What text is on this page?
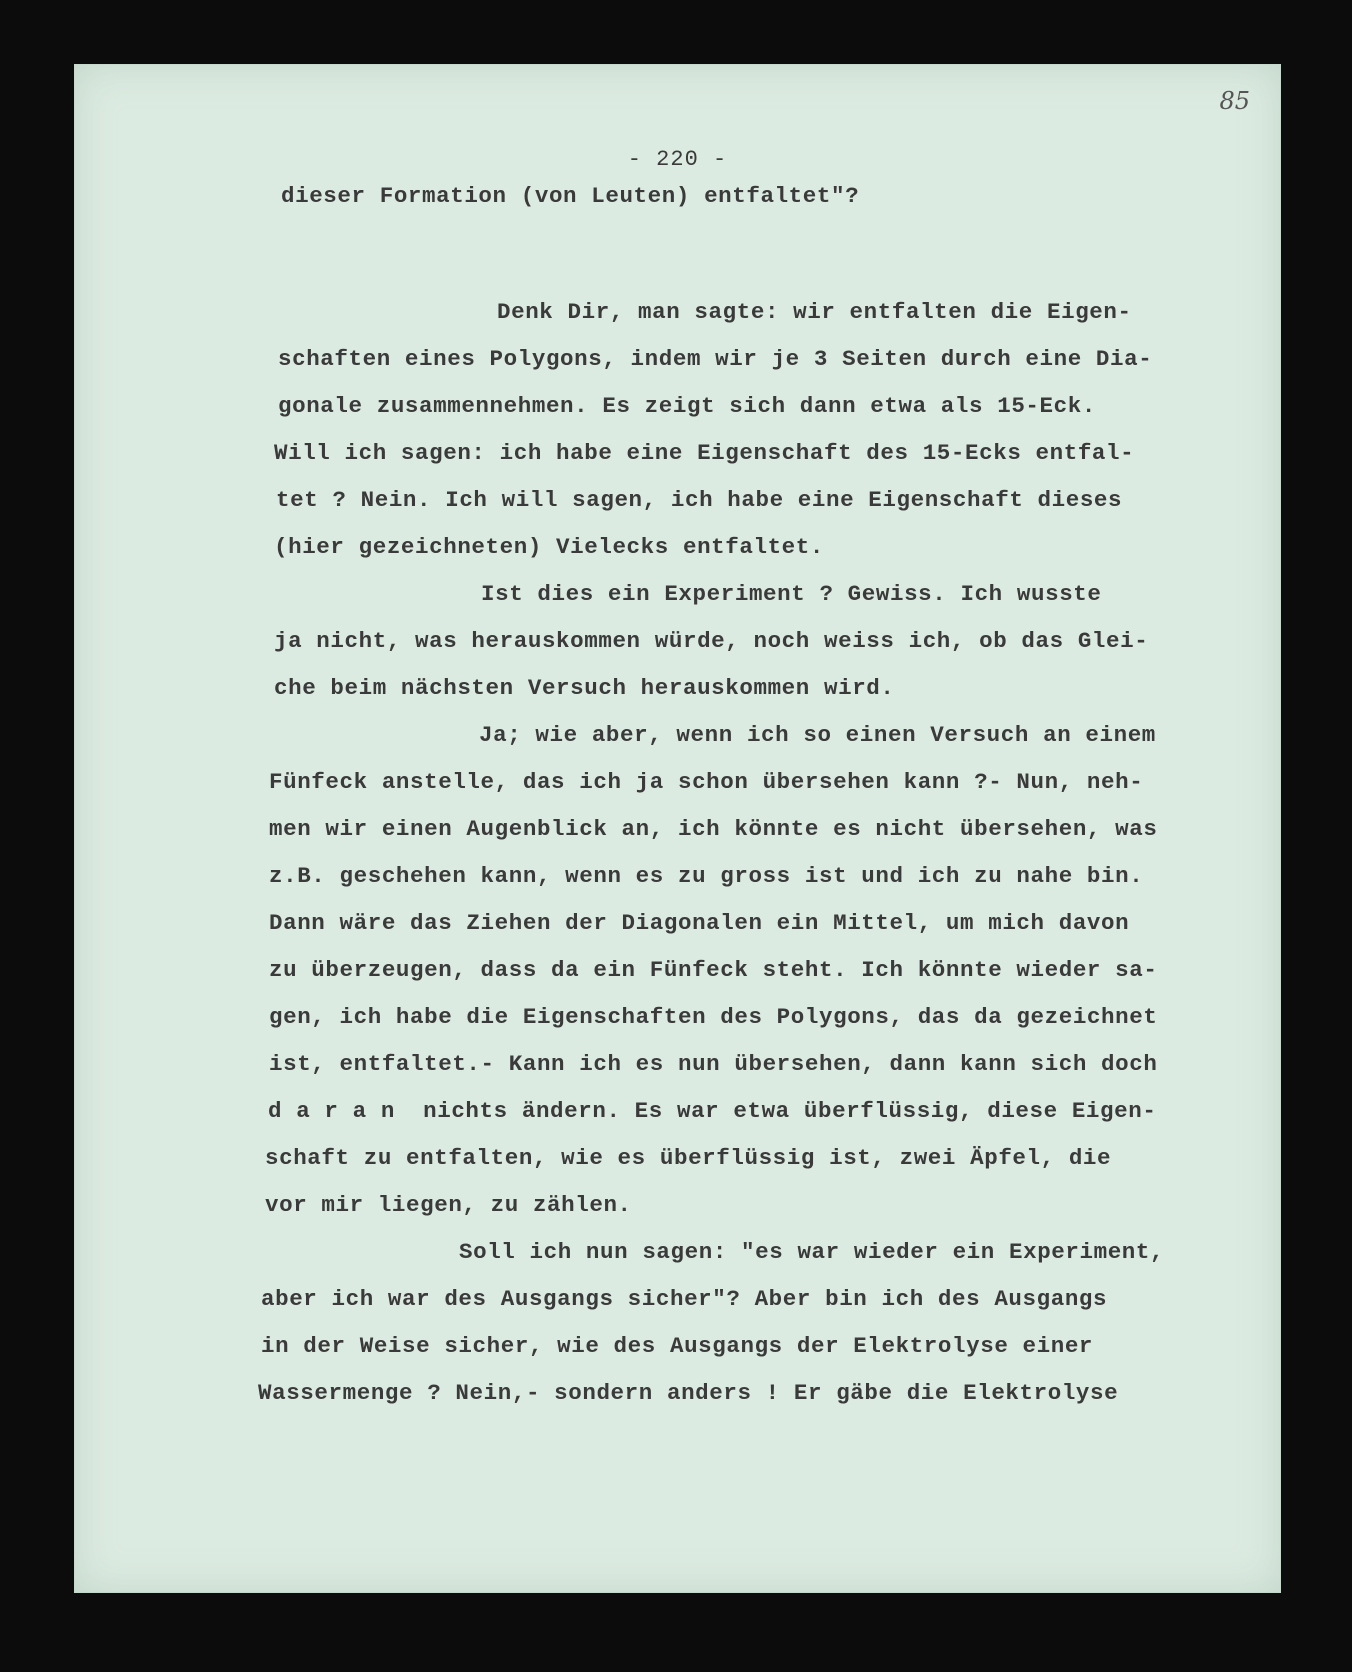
85
- 220 -
dieser Formation (von Leuten) entfaltet"?
Denk Dir, man sagte: wir entfalten die Eigen-
schaften eines Polygons, indem wir je 3 Seiten durch eine Dia-
gonale zusammennehmen. Es zeigt sich dann etwa als 15-Eck.
Will ich sagen: ich habe eine Eigenschaft des 15-Ecks entfal-
tet ? Nein. Ich will sagen, ich habe eine Eigenschaft dieses
(hier gezeichneten) Vielecks entfaltet.
Ist dies ein Experiment ? Gewiss. Ich wusste
ja nicht, was herauskommen würde, noch weiss ich, ob das Glei-
che beim nächsten Versuch herauskommen wird.
Ja; wie aber, wenn ich so einen Versuch an einem
Fünfeck anstelle, das ich ja schon übersehen kann ?- Nun, neh-
men wir einen Augenblick an, ich könnte es nicht übersehen, was
z.B. geschehen kann, wenn es zu gross ist und ich zu nahe bin.
Dann wäre das Ziehen der Diagonalen ein Mittel, um mich davon
zu überzeugen, dass da ein Fünfeck steht. Ich könnte wieder sa-
gen, ich habe die Eigenschaften des Polygons, das da gezeichnet
ist, entfaltet.- Kann ich es nun übersehen, dann kann sich doch
d a r a n  nichts ändern. Es war etwa überflüssig, diese Eigen-
schaft zu entfalten, wie es überflüssig ist, zwei Äpfel, die
vor mir liegen, zu zählen.
Soll ich nun sagen: "es war wieder ein Experiment,
aber ich war des Ausgangs sicher"? Aber bin ich des Ausgangs
in der Weise sicher, wie des Ausgangs der Elektrolyse einer
Wassermenge ? Nein,- sondern anders ! Er gäbe die Elektrolyse
